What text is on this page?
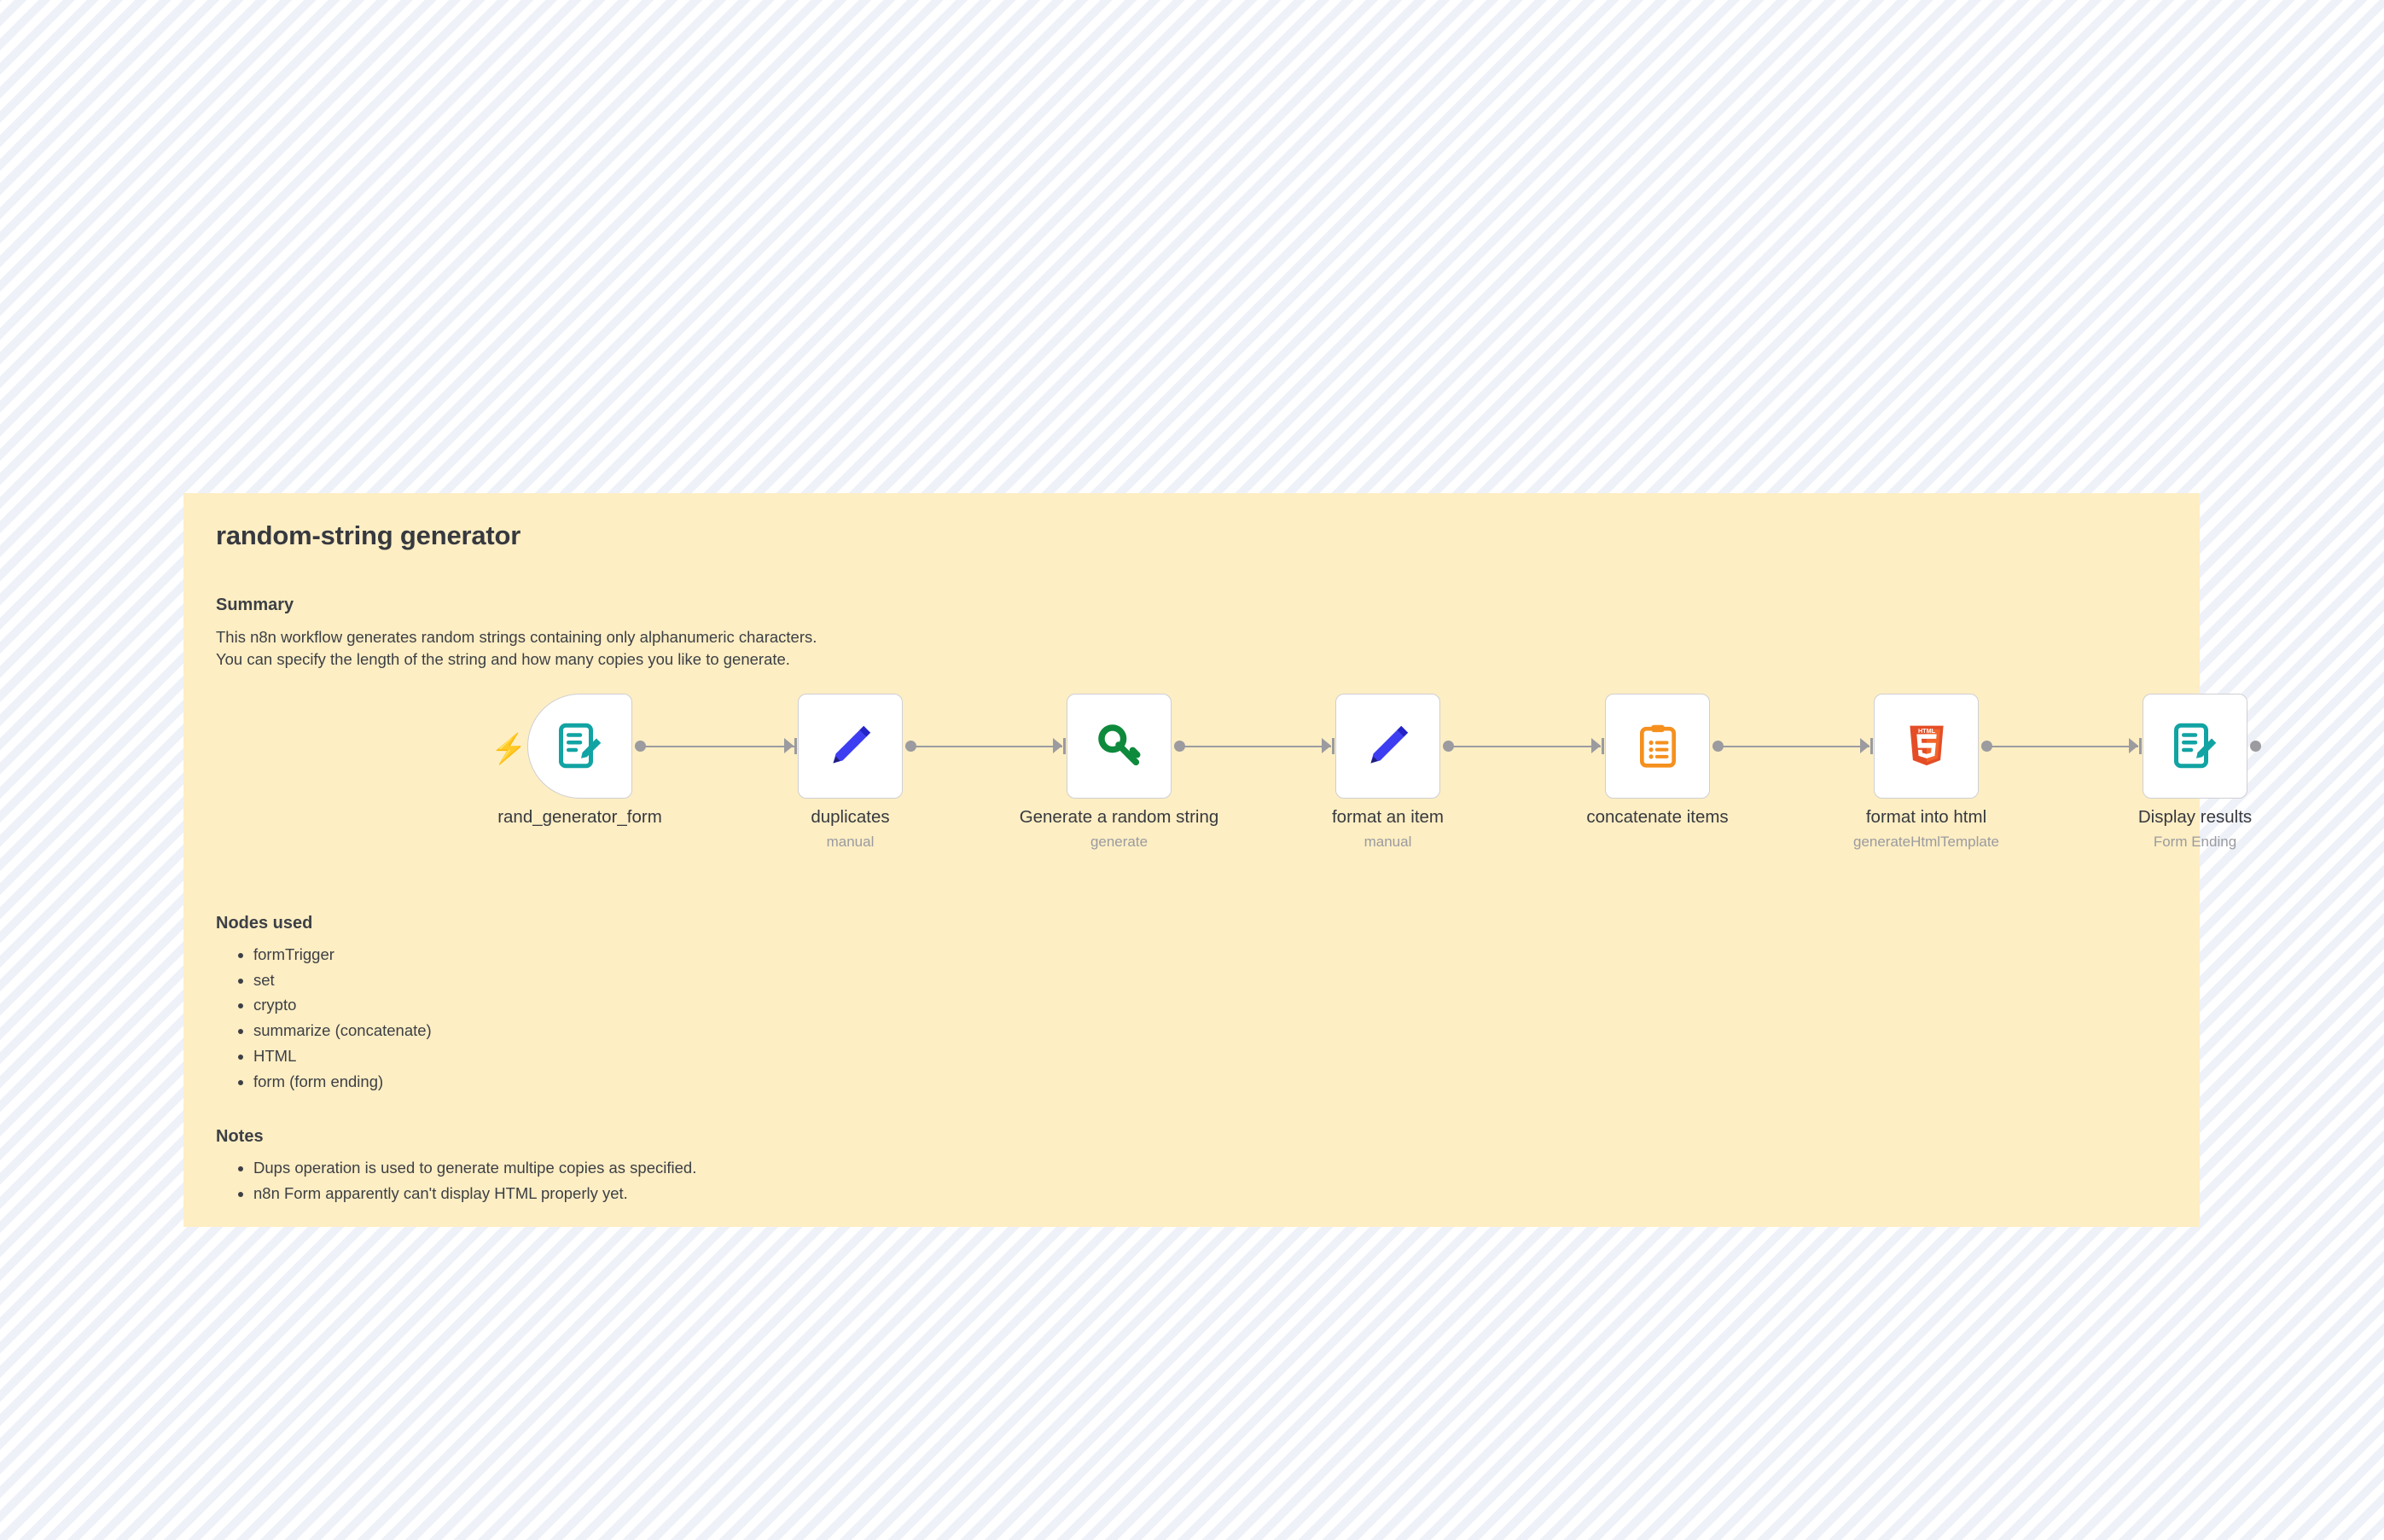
random-string generator
Summary
This n8n workflow generates random strings containing only alphanumeric characters.
You can specify the length of the string and how many copies you like to generate.
⚡
rand_generator_form	duplicates
manual
Generate a random string
generate
format an item
manual
concatenate items
HTML
format into html
generateHtmlTemplate
Display results
Form Ending
Nodes used
• formTrigger
• set
• crypto
• summarize (concatenate)
• HTML
• form (form ending)
Notes
• Dups operation is used to generate multipe copies as specified.
• n8n Form apparently can't display HTML properly yet.
